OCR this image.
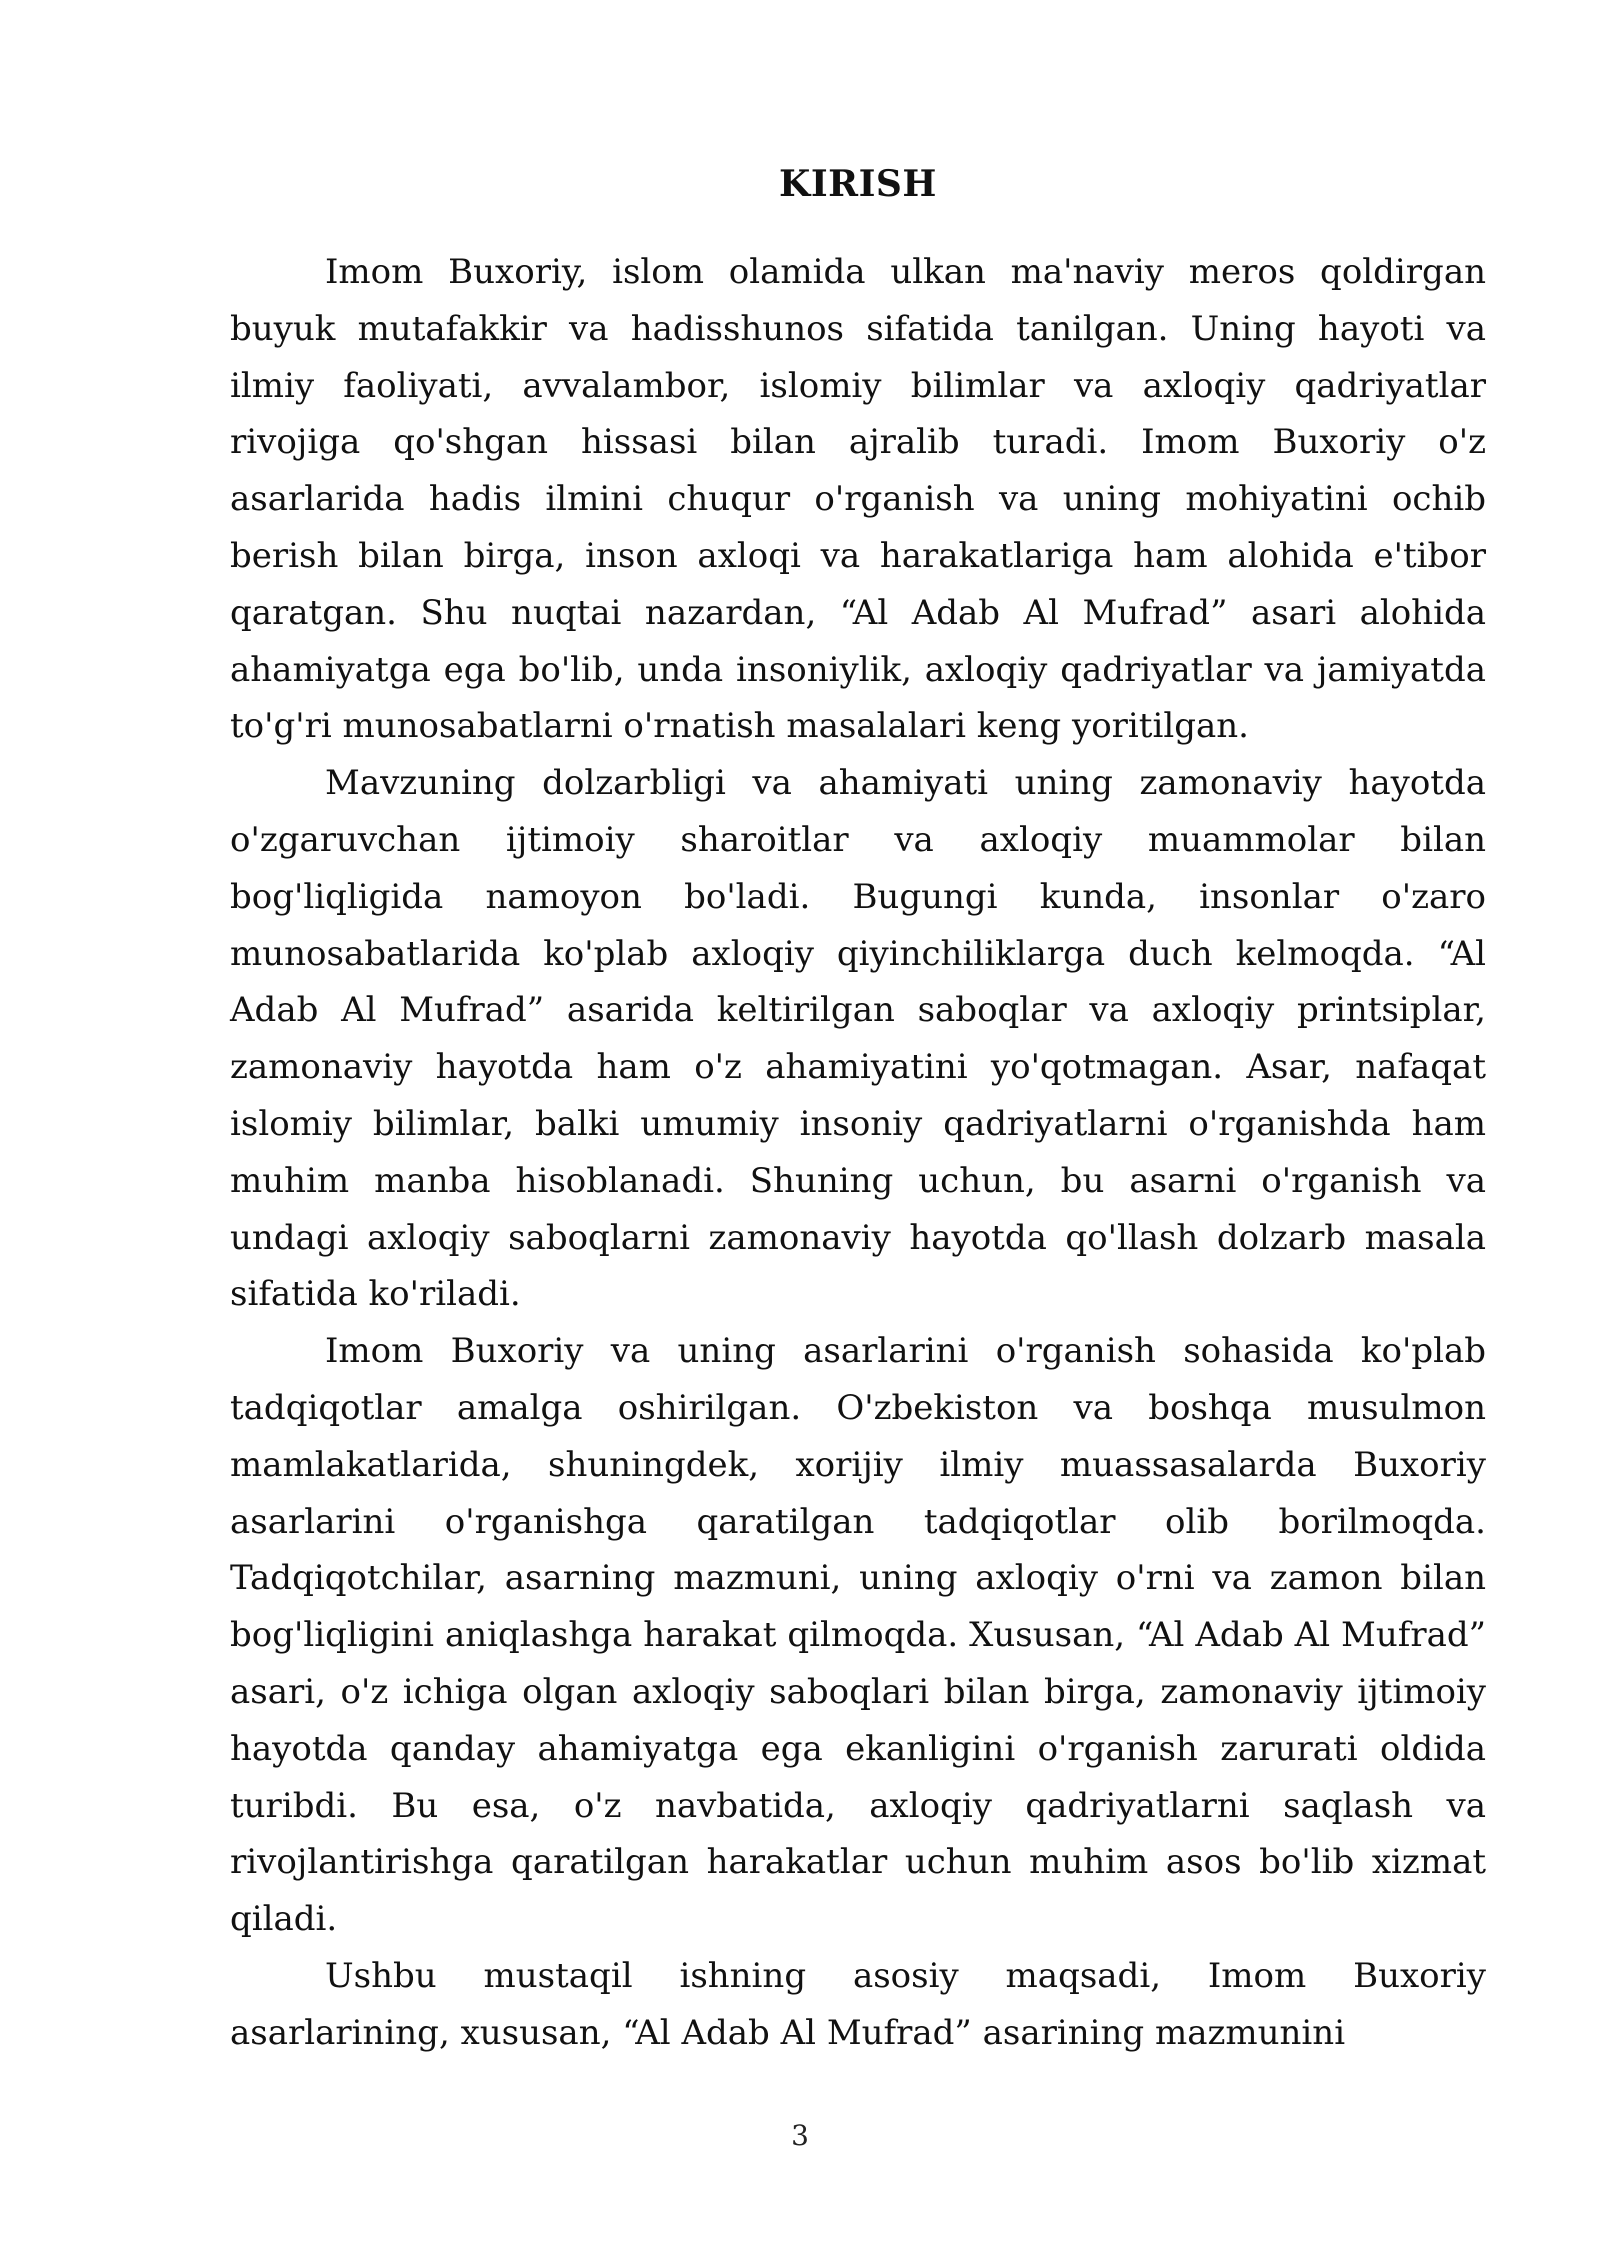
KIRISH

Imom Buxoriy, islom olamida ulkan ma'naviy meros qoldirgan buyuk mutafakkir va hadisshunos sifatida tanilgan. Uning hayoti va ilmiy faoliyati, avvalambor, islomiy bilimlar va axloqiy qadriyatlar rivojiga qo'shgan hissasi bilan ajralib turadi. Imom Buxoriy o'z asarlarida hadis ilmini chuqur o'rganish va uning mohiyatini ochib berish bilan birga, inson axloqi va harakatlariga ham alohida e'tibor qaratgan. Shu nuqtai nazardan, “Al Adab Al Mufrad” asari alohida ahamiyatga ega bo'lib, unda insoniylik, axloqiy qadriyatlar va jamiyatda to'g'ri munosabatlarni o'rnatish masalalari keng yoritilgan.

Mavzuning dolzarbligi va ahamiyati uning zamonaviy hayotda o'zgaruvchan ijtimoiy sharoitlar va axloqiy muammolar bilan bog'liqligida namoyon bo'ladi. Bugungi kunda, insonlar o'zaro munosabatlarida ko'plab axloqiy qiyinchiliklarga duch kelmoqda. “Al Adab Al Mufrad” asarida keltirilgan saboqlar va axloqiy printsiplar, zamonaviy hayotda ham o'z ahamiyatini yo'qotmagan. Asar, nafaqat islomiy bilimlar, balki umumiy insoniy qadriyatlarni o'rganishda ham muhim manba hisoblanadi. Shuning uchun, bu asarni o'rganish va undagi axloqiy saboqlarni zamonaviy hayotda qo'llash dolzarb masala sifatida ko'riladi.

Imom Buxoriy va uning asarlarini o'rganish sohasida ko'plab tadqiqotlar amalga oshirilgan. O'zbekiston va boshqa musulmon mamlakatlarida, shuningdek, xorijiy ilmiy muassasalarda Buxoriy asarlarini o'rganishga qaratilgan tadqiqotlar olib borilmoqda. Tadqiqotchilar, asarning mazmuni, uning axloqiy o'rni va zamon bilan bog'liqligini aniqlashga harakat qilmoqda. Xususan, “Al Adab Al Mufrad” asari, o'z ichiga olgan axloqiy saboqlari bilan birga, zamonaviy ijtimoiy hayotda qanday ahamiyatga ega ekanligini o'rganish zarurati oldida turibdi. Bu esa, o'z navbatida, axloqiy qadriyatlarni saqlash va rivojlantirishga qaratilgan harakatlar uchun muhim asos bo'lib xizmat qiladi.

Ushbu mustaqil ishning asosiy maqsadi, Imom Buxoriy asarlarining, xususan, “Al Adab Al Mufrad” asarining mazmunini

3
